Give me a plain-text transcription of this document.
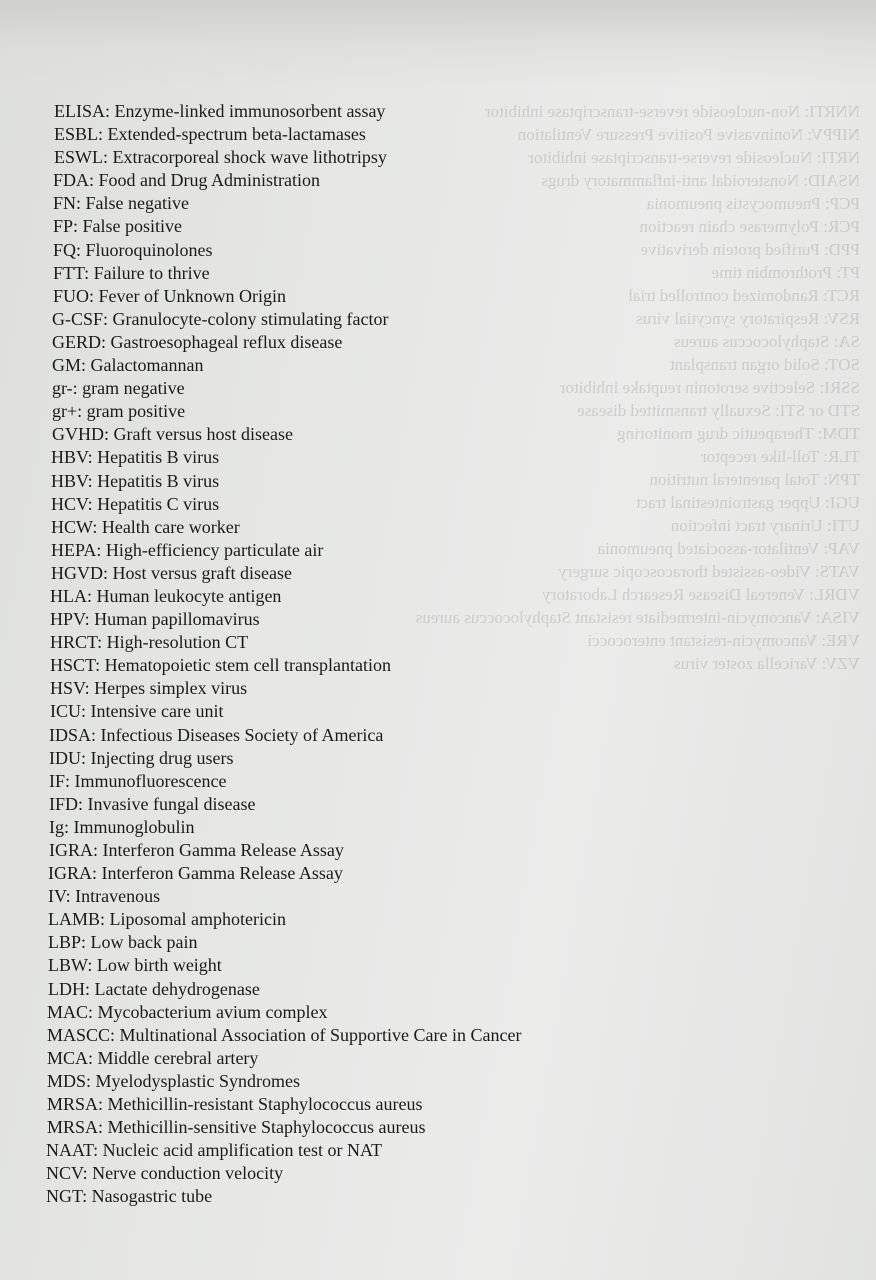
NNRTI: Non-nucleoside reverse-transcriptase inhibitor
NIPPV: Noninvasive Positive Pressure Ventilation
NRTI: Nucleoside reverse-transcriptase inhibitor
NSAID: Nonsteroidal anti-inflammatory drugs
PCP: Pneumocystis pneumonia
PCR: Polymerase chain reaction
PPD: Purified protein derivative
PT: Prothrombin time
RCT: Randomized controlled trial
RSV: Respiratory syncytial virus
SA: Staphylococcus aureus
SOT: Solid organ transplant
SSRI: Selective serotonin reuptake inhibitor
STD or STI: Sexually transmitted disease
TDM: Therapeutic drug monitoring
TLR: Toll-like receptor
TPN: Total parenteral nutrition
UGI: Upper gastrointestinal tract
UTI: Urinary tract infection
VAP: Ventilator-associated pneumonia
VATS: Video-assisted thoracoscopic surgery
VDRL: Venereal Disease Research Laboratory
VISA: Vancomycin-intermediate resistant Staphylococcus aureus
VRE: Vancomycin-resistant enterococci
VZV: Varicella zoster virus
ELISA: Enzyme-linked immunosorbent assay
ESBL: Extended-spectrum beta-lactamases
ESWL: Extracorporeal shock wave lithotripsy
FDA: Food and Drug Administration
FN: False negative
FP: False positive
FQ: Fluoroquinolones
FTT: Failure to thrive
FUO: Fever of Unknown Origin
G-CSF: Granulocyte-colony stimulating factor
GERD: Gastroesophageal reflux disease
GM: Galactomannan
gr-: gram negative
gr+: gram positive
GVHD: Graft versus host disease
HBV: Hepatitis B virus
HBV: Hepatitis B virus
HCV: Hepatitis C virus
HCW: Health care worker
HEPA: High-efficiency particulate air
HGVD: Host versus graft disease
HLA: Human leukocyte antigen
HPV: Human papillomavirus
HRCT: High-resolution CT
HSCT: Hematopoietic stem cell transplantation
HSV: Herpes simplex virus
ICU: Intensive care unit
IDSA: Infectious Diseases Society of America
IDU: Injecting drug users
IF: Immunofluorescence
IFD: Invasive fungal disease
Ig: Immunoglobulin
IGRA: Interferon Gamma Release Assay
IGRA: Interferon Gamma Release Assay
IV: Intravenous
LAMB: Liposomal amphotericin
LBP: Low back pain
LBW: Low birth weight
LDH: Lactate dehydrogenase
MAC: Mycobacterium avium complex
MASCC: Multinational Association of Supportive Care in Cancer
MCA: Middle cerebral artery
MDS: Myelodysplastic Syndromes
MRSA: Methicillin-resistant Staphylococcus aureus
MRSA: Methicillin-sensitive Staphylococcus aureus
NAAT: Nucleic acid amplification test or NAT
NCV: Nerve conduction velocity
NGT: Nasogastric tube
